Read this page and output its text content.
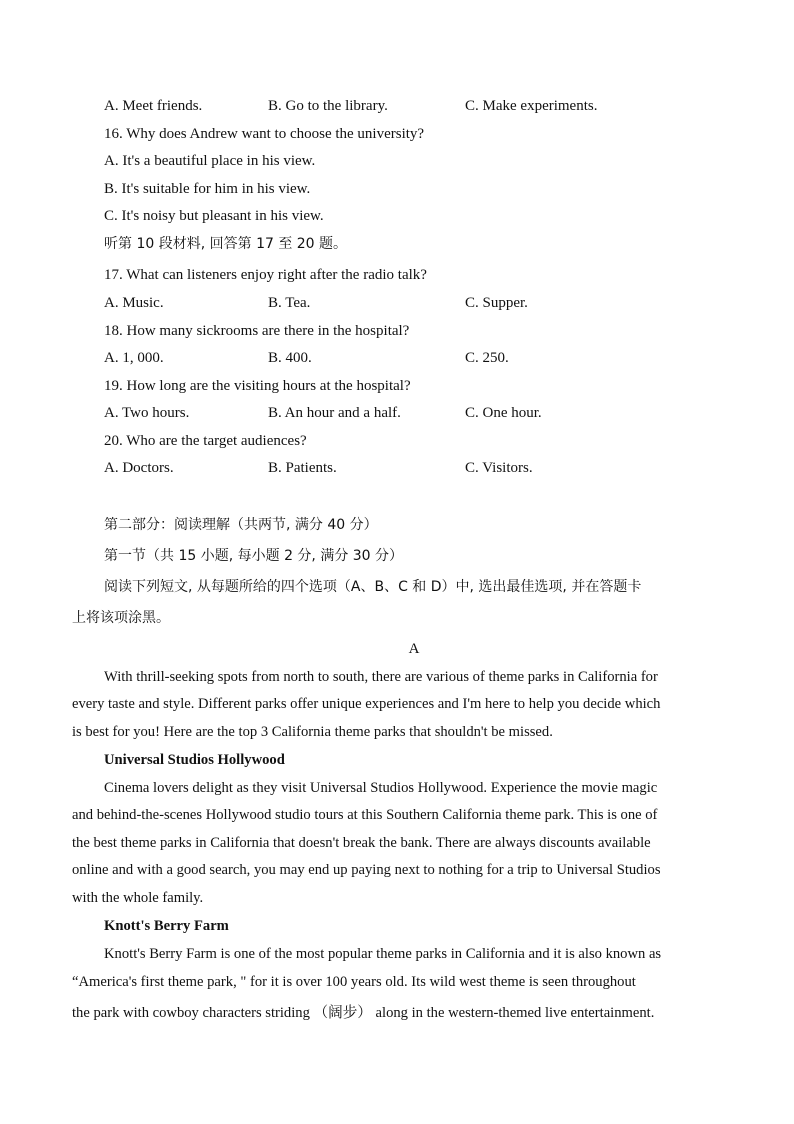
A. Meet friends.	B. Go to the library.	C. Make experiments.
16. Why does Andrew want to choose the university?
A. It's a beautiful place in his view.
B. It's suitable for him in his view.
C. It's noisy but pleasant in his view.
听第 10 段材料, 回答第 17 至 20 题。
17. What can listeners enjoy right after the radio talk?
A. Music.	B. Tea.	C. Supper.
18. How many sickrooms are there in the hospital?
A. 1, 000.	B. 400.	C. 250.
19. How long are the visiting hours at the hospital?
A. Two hours.	B. An hour and a half.	C. One hour.
20. Who are the target audiences?
A. Doctors.	B. Patients.	C. Visitors.
第二部分：阅读理解（共两节, 满分 40 分）
第一节（共 15 小题, 每小题 2 分, 满分 30 分）
阅读下列短文, 从每题所给的四个选项（A、B、C 和 D）中, 选出最佳选项, 并在答题卡
上将该项涂黑。
A
With thrill-seeking spots from north to south, there are various of theme parks in California for
every taste and style. Different parks offer unique experiences and I'm here to help you decide which
is best for you! Here are the top 3 California theme parks that shouldn't be missed.
Universal Studios Hollywood
Cinema lovers delight as they visit Universal Studios Hollywood. Experience the movie magic
and behind-the-scenes Hollywood studio tours at this Southern California theme park. This is one of
the best theme parks in California that doesn't break the bank. There are always discounts available
online and with a good search, you may end up paying next to nothing for a trip to Universal Studios
with the whole family.
Knott's Berry Farm
Knott's Berry Farm is one of the most popular theme parks in California and it is also known as
“America's first theme park, " for it is over 100 years old. Its wild west theme is seen throughout
the park with cowboy characters striding （阔步） along in the western-themed live entertainment.
